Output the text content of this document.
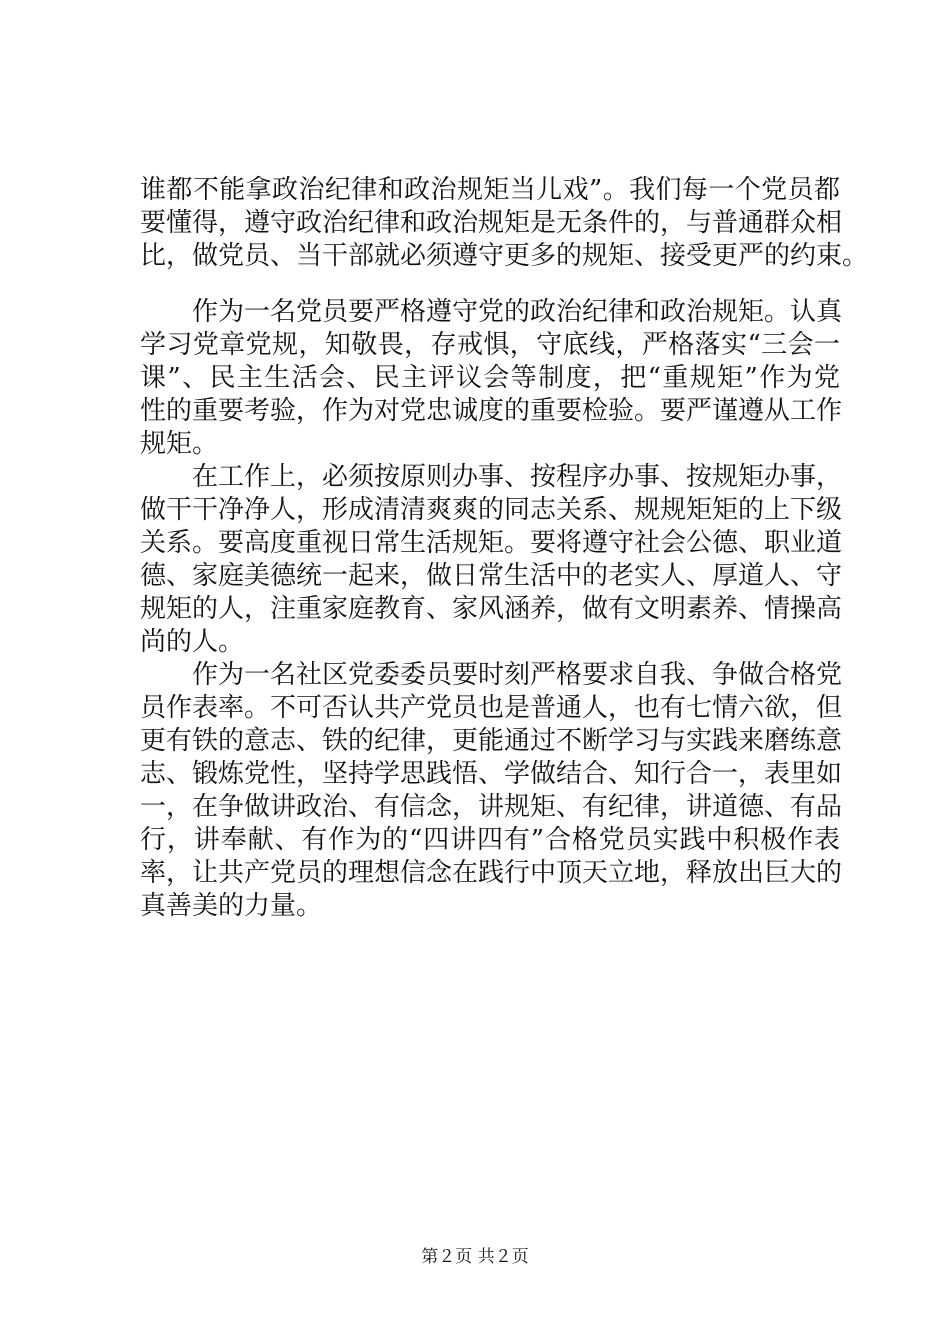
谁都不能拿政治纪律和政治规矩当儿戏”。我们每一个党员都
要懂得，遵守政治纪律和政治规矩是无条件的，与普通群众相
比，做党员、当干部就必须遵守更多的规矩、接受更严的约束。
　　作为一名党员要严格遵守党的政治纪律和政治规矩。认真
学习党章党规，知敬畏，存戒惧，守底线，严格落实“三会一
课”、民主生活会、民主评议会等制度，把“重规矩”作为党
性的重要考验，作为对党忠诚度的重要检验。要严谨遵从工作
规矩。
　　在工作上，必须按原则办事、按程序办事、按规矩办事，
做干干净净人，形成清清爽爽的同志关系、规规矩矩的上下级
关系。要高度重视日常生活规矩。要将遵守社会公德、职业道
德、家庭美德统一起来，做日常生活中的老实人、厚道人、守
规矩的人，注重家庭教育、家风涵养，做有文明素养、情操高
尚的人。
　　作为一名社区党委委员要时刻严格要求自我、争做合格党
员作表率。不可否认共产党员也是普通人，也有七情六欲，但
更有铁的意志、铁的纪律，更能通过不断学习与实践来磨练意
志、锻炼党性，坚持学思践悟、学做结合、知行合一，表里如
一，在争做讲政治、有信念，讲规矩、有纪律，讲道德、有品
行，讲奉献、有作为的“四讲四有”合格党员实践中积极作表
率，让共产党员的理想信念在践行中顶天立地，释放出巨大的
真善美的力量。
第２页 共２页
